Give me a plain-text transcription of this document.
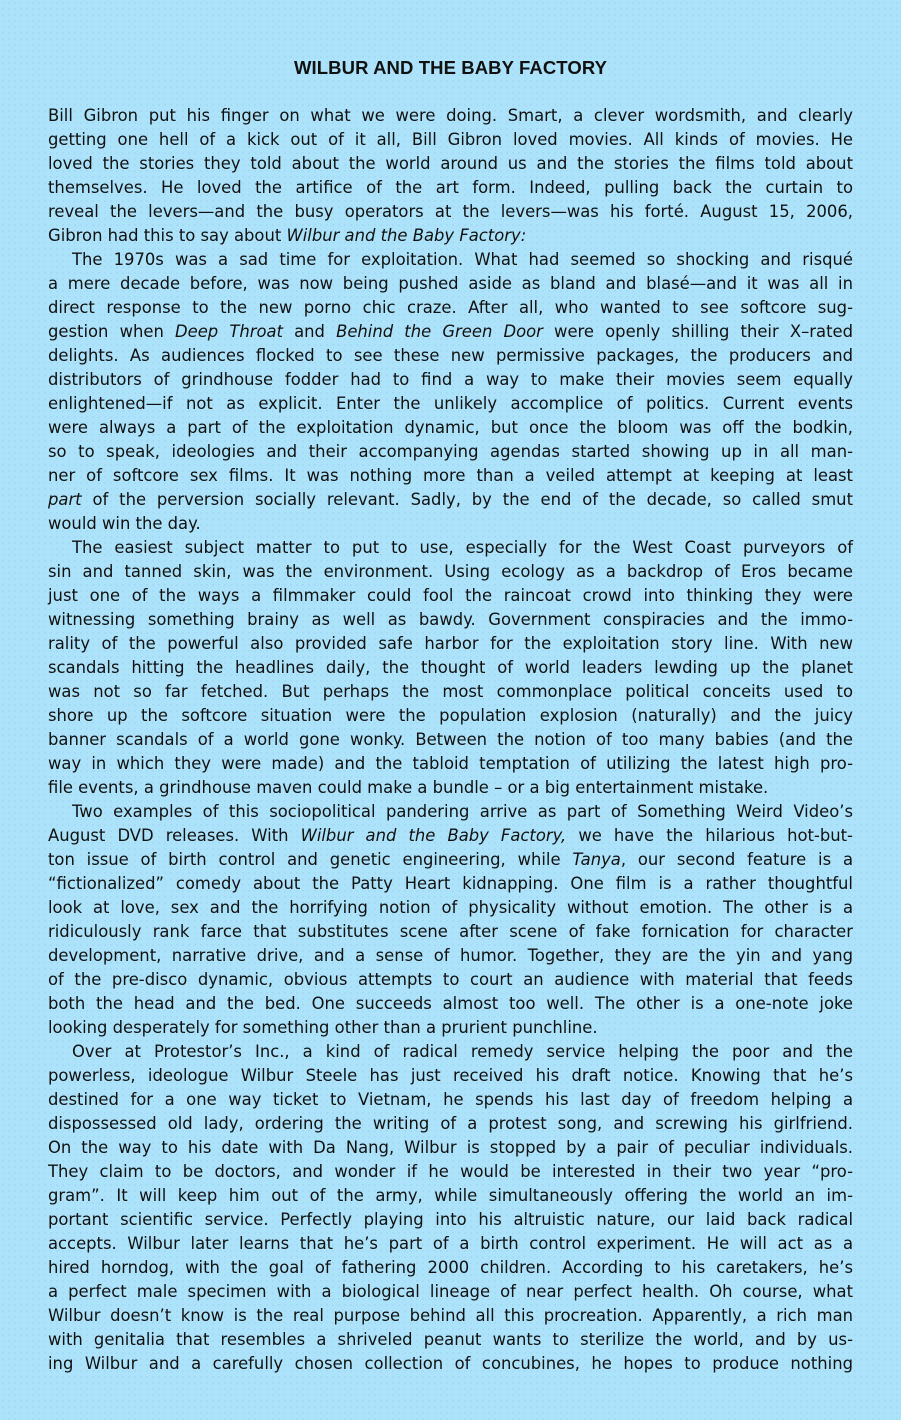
WILBUR AND THE BABY FACTORY
Bill Gibron put his finger on what we were doing. Smart, a clever wordsmith, and clearly
getting one hell of a kick out of it all, Bill Gibron loved movies. All kinds of movies. He
loved the stories they told about the world around us and the stories the films told about
themselves. He loved the artifice of the art form. Indeed, pulling back the curtain to
reveal the levers—and the busy operators at the levers—was his forté. August 15, 2006,
Gibron had this to say about Wilbur and the Baby Factory:
The 1970s was a sad time for exploitation. What had seemed so shocking and risqué
a mere decade before, was now being pushed aside as bland and blasé—and it was all in
direct response to the new porno chic craze. After all, who wanted to see softcore sug-
gestion when Deep Throat and Behind the Green Door were openly shilling their X–rated
delights. As audiences flocked to see these new permissive packages, the producers and
distributors of grindhouse fodder had to find a way to make their movies seem equally
enlightened—if not as explicit. Enter the unlikely accomplice of politics. Current events
were always a part of the exploitation dynamic, but once the bloom was off the bodkin,
so to speak, ideologies and their accompanying agendas started showing up in all man-
ner of softcore sex films. It was nothing more than a veiled attempt at keeping at least
part of the perversion socially relevant. Sadly, by the end of the decade, so called smut
would win the day.
The easiest subject matter to put to use, especially for the West Coast purveyors of
sin and tanned skin, was the environment. Using ecology as a backdrop of Eros became
just one of the ways a filmmaker could fool the raincoat crowd into thinking they were
witnessing something brainy as well as bawdy. Government conspiracies and the immo-
rality of the powerful also provided safe harbor for the exploitation story line. With new
scandals hitting the headlines daily, the thought of world leaders lewding up the planet
was not so far fetched. But perhaps the most commonplace political conceits used to
shore up the softcore situation were the population explosion (naturally) and the juicy
banner scandals of a world gone wonky. Between the notion of too many babies (and the
way in which they were made) and the tabloid temptation of utilizing the latest high pro-
file events, a grindhouse maven could make a bundle – or a big entertainment mistake.
Two examples of this sociopolitical pandering arrive as part of Something Weird Video’s
August DVD releases. With Wilbur and the Baby Factory, we have the hilarious hot-but-
ton issue of birth control and genetic engineering, while Tanya, our second feature is a
“fictionalized” comedy about the Patty Heart kidnapping. One film is a rather thoughtful
look at love, sex and the horrifying notion of physicality without emotion. The other is a
ridiculously rank farce that substitutes scene after scene of fake fornication for character
development, narrative drive, and a sense of humor. Together, they are the yin and yang
of the pre-disco dynamic, obvious attempts to court an audience with material that feeds
both the head and the bed. One succeeds almost too well. The other is a one-note joke
looking desperately for something other than a prurient punchline.
Over at Protestor’s Inc., a kind of radical remedy service helping the poor and the
powerless, ideologue Wilbur Steele has just received his draft notice. Knowing that he’s
destined for a one way ticket to Vietnam, he spends his last day of freedom helping a
dispossessed old lady, ordering the writing of a protest song, and screwing his girlfriend.
On the way to his date with Da Nang, Wilbur is stopped by a pair of peculiar individuals.
They claim to be doctors, and wonder if he would be interested in their two year “pro-
gram”. It will keep him out of the army, while simultaneously offering the world an im-
portant scientific service. Perfectly playing into his altruistic nature, our laid back radical
accepts. Wilbur later learns that he’s part of a birth control experiment. He will act as a
hired horndog, with the goal of fathering 2000 children. According to his caretakers, he’s
a perfect male specimen with a biological lineage of near perfect health. Oh course, what
Wilbur doesn’t know is the real purpose behind all this procreation. Apparently, a rich man
with genitalia that resembles a shriveled peanut wants to sterilize the world, and by us-
ing Wilbur and a carefully chosen collection of concubines, he hopes to produce nothing
